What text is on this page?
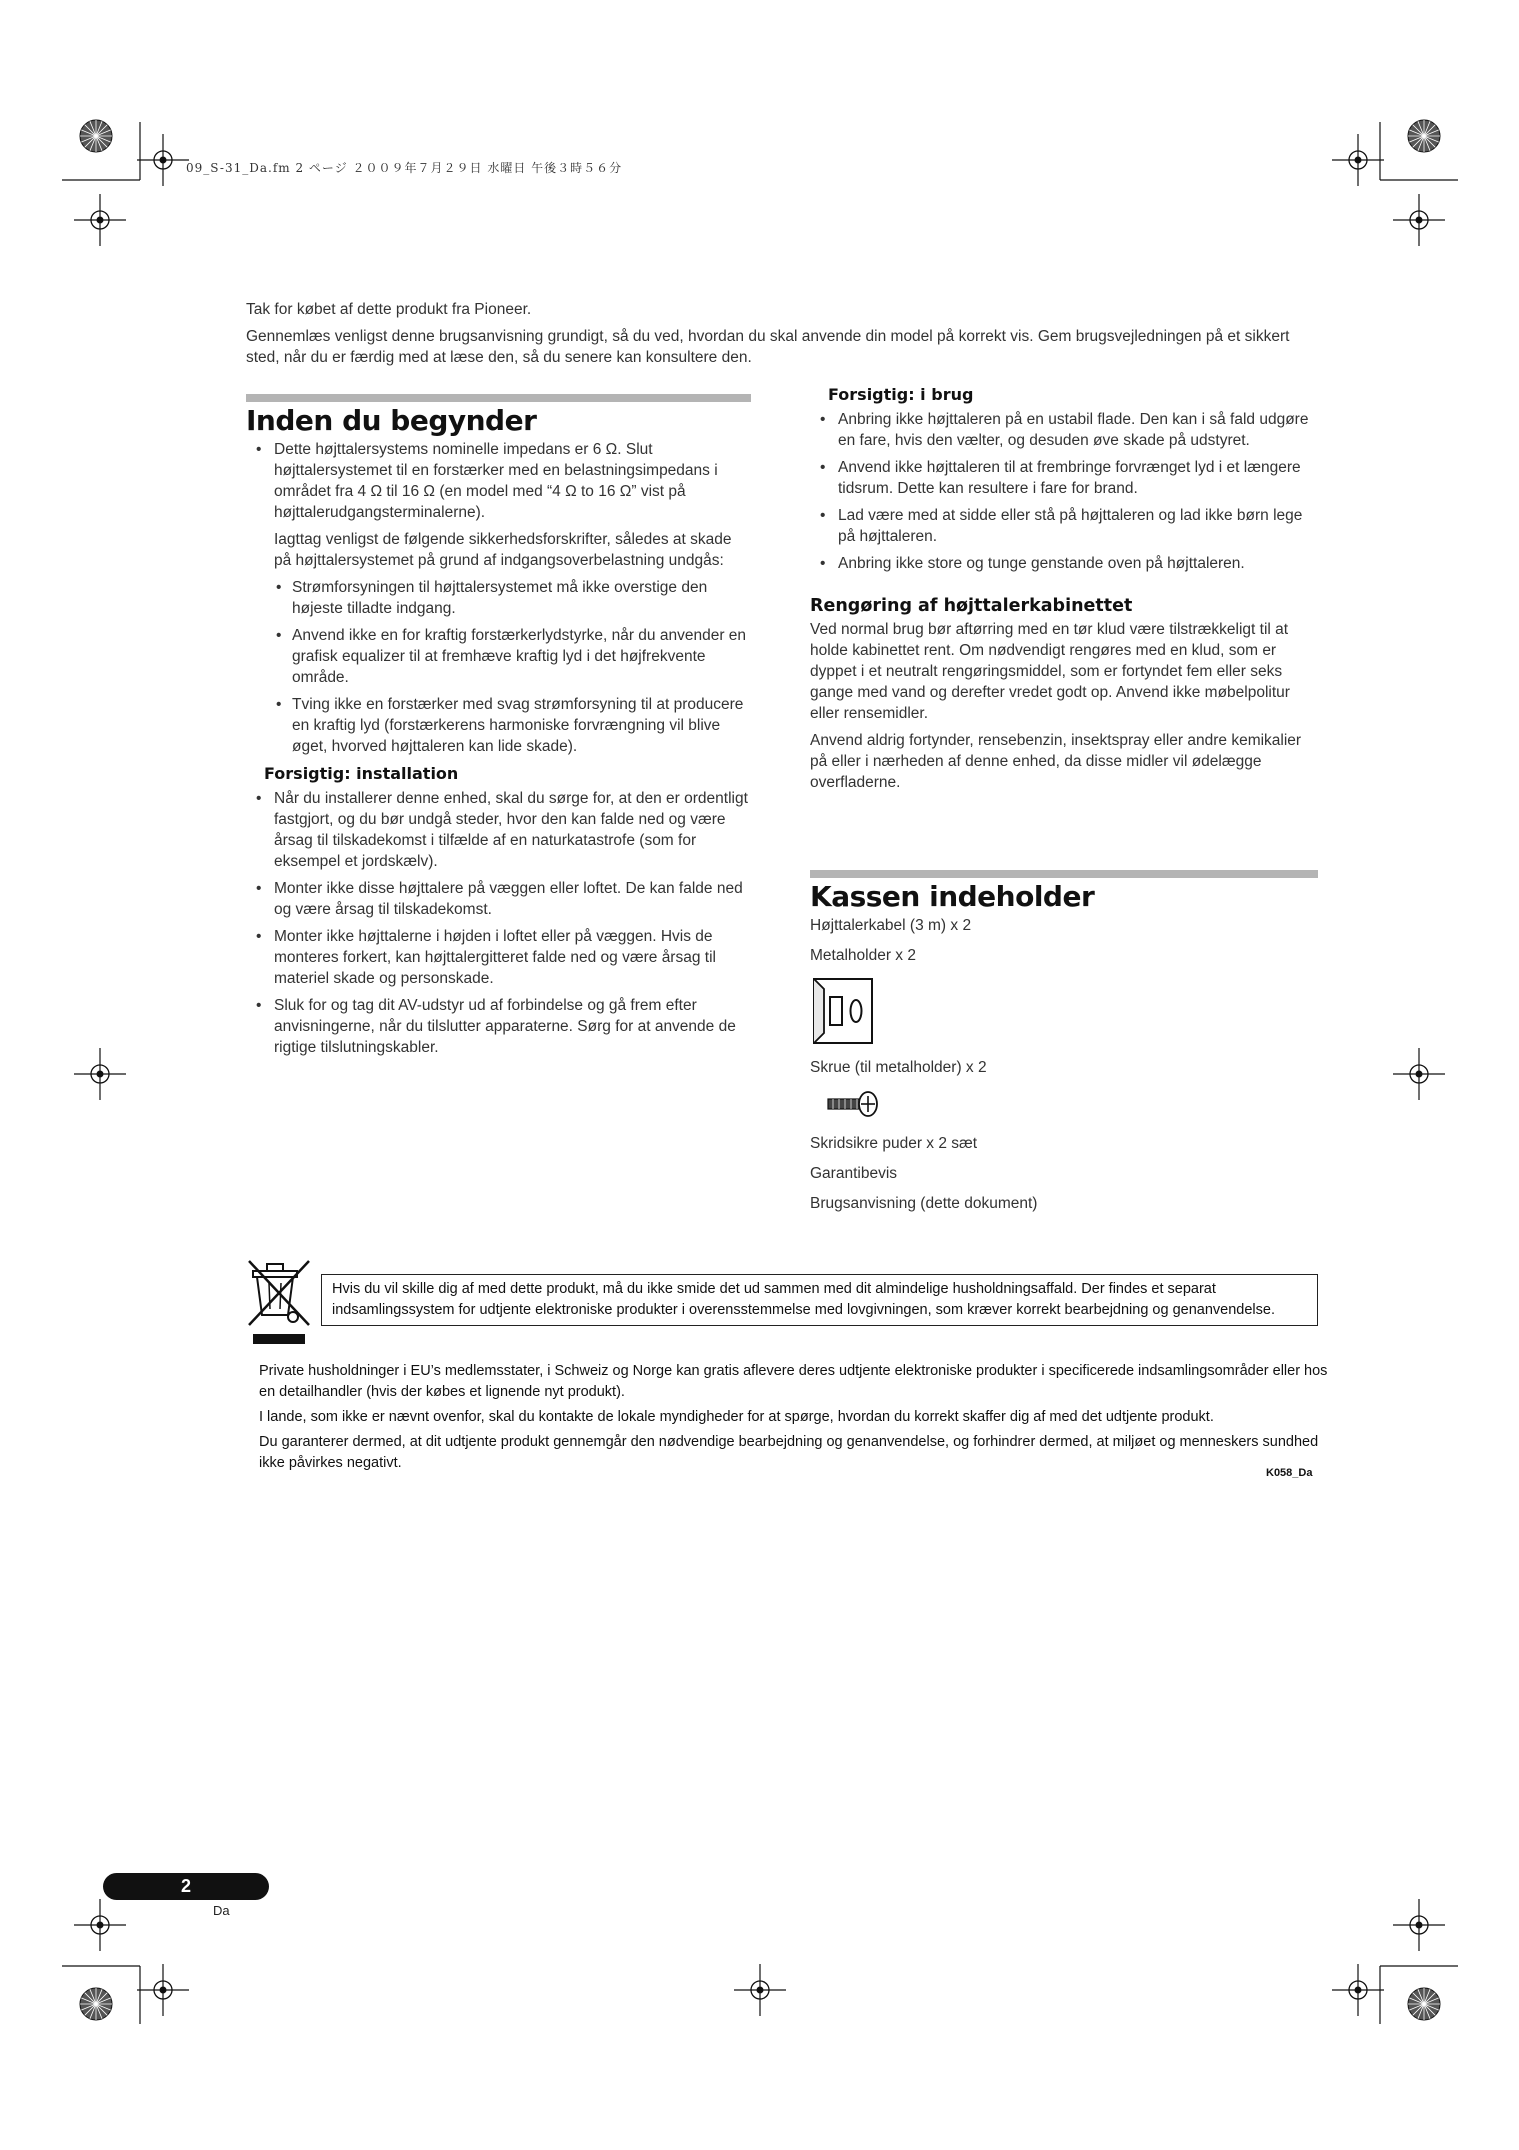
09_S-31_Da.fm 2 ページ ２００９年７月２９日 水曜日 午後３時５６分

Tak for købet af dette produkt fra Pioneer.

Gennemlæs venligst denne brugsanvisning grundigt, så du ved, hvordan du skal anvende din model på korrekt vis. Gem brugsvejledningen på et sikkert sted, når du er færdig med at læse den, så du senere kan konsultere den.

Inden du begynder
• Dette højttalersystems nominelle impedans er 6 Ω. Slut højttalersystemet til en forstærker med en belastningsimpedans i området fra 4 Ω til 16 Ω (en model med “4 Ω to 16 Ω” vist på højttalerudgangsterminalerne).
Iagttag venligst de følgende sikkerhedsforskrifter, således at skade på højttalersystemet på grund af indgangsoverbelastning undgås:
• Strømforsyningen til højttalersystemet må ikke overstige den højeste tilladte indgang.
• Anvend ikke en for kraftig forstærkerlydstyrke, når du anvender en grafisk equalizer til at fremhæve kraftig lyd i det højfrekvente område.
• Tving ikke en forstærker med svag strømforsyning til at producere en kraftig lyd (forstærkerens harmoniske forvrængning vil blive øget, hvorved højttaleren kan lide skade).
Forsigtig: installation
• Når du installerer denne enhed, skal du sørge for, at den er ordentligt fastgjort, og du bør undgå steder, hvor den kan falde ned og være årsag til tilskadekomst i tilfælde af en naturkatastrofe (som for eksempel et jordskælv).
• Monter ikke disse højttalere på væggen eller loftet. De kan falde ned og være årsag til tilskadekomst.
• Monter ikke højttalerne i højden i loftet eller på væggen. Hvis de monteres forkert, kan højttalergitteret falde ned og være årsag til materiel skade og personskade.
• Sluk for og tag dit AV-udstyr ud af forbindelse og gå frem efter anvisningerne, når du tilslutter apparaterne. Sørg for at anvende de rigtige tilslutningskabler.
Forsigtig: i brug
• Anbring ikke højttaleren på en ustabil flade. Den kan i så fald udgøre en fare, hvis den vælter, og desuden øve skade på udstyret.
• Anvend ikke højttaleren til at frembringe forvrænget lyd i et længere tidsrum. Dette kan resultere i fare for brand.
• Lad være med at sidde eller stå på højttaleren og lad ikke børn lege på højttaleren.
• Anbring ikke store og tunge genstande oven på højttaleren.
Rengøring af højttalerkabinettet

Ved normal brug bør aftørring med en tør klud være tilstrækkeligt til at holde kabinettet rent. Om nødvendigt rengøres med en klud, som er dyppet i et neutralt rengøringsmiddel, som er fortyndet fem eller seks gange med vand og derefter vredet godt op. Anvend ikke møbelpolitur eller rensemidler.

Anvend aldrig fortynder, rensebenzin, insektspray eller andre kemikalier på eller i nærheden af denne enhed, da disse midler vil ødelægge overfladerne.

Kassen indeholder
Højttalerkabel (3 m) x 2
Metalholder x 2
Skrue (til metalholder) x 2
Skridsikre puder x 2 sæt
Garantibevis
Brugsanvisning (dette dokument)
Hvis du vil skille dig af med dette produkt, må du ikke smide det ud sammen med dit almindelige husholdningsaffald. Der findes et separat indsamlingssystem for udtjente elektroniske produkter i overensstemmelse med lovgivningen, som kræver korrekt bearbejdning og genanvendelse.

Private husholdninger i EU’s medlemsstater, i Schweiz og Norge kan gratis aflevere deres udtjente elektroniske produkter i specificerede indsamlingsområder eller hos en detailhandler (hvis der købes et lignende nyt produkt).

I lande, som ikke er nævnt ovenfor, skal du kontakte de lokale myndigheder for at spørge, hvordan du korrekt skaffer dig af med det udtjente produkt.

Du garanterer dermed, at dit udtjente produkt gennemgår den nødvendige bearbejdning og genanvendelse, og forhindrer dermed, at miljøet og menneskers sundhed ikke påvirkes negativt.

K058_Da
2
Da
